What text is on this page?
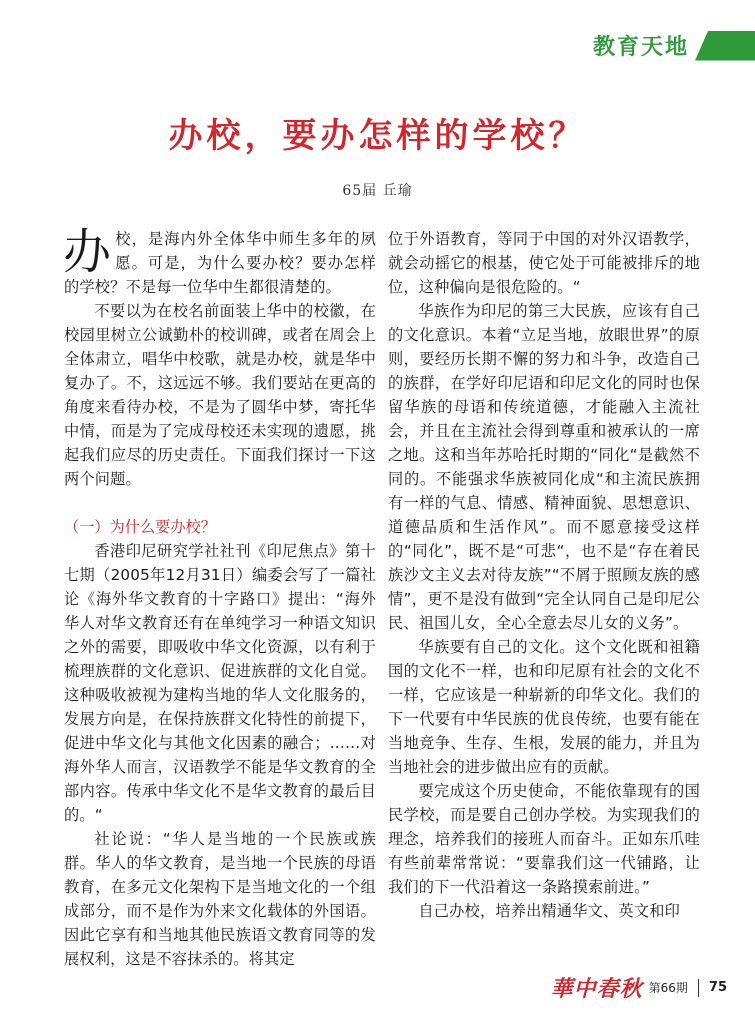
教育天地
办校，要办怎样的学校？
65届 丘瑜

办校，是海内外全体华中师生多年的夙愿。可是，为什么要办校？要办怎样的学校？不是每一位华中生都很清楚的。

不要以为在校名前面装上华中的校徽，在校园里树立公诚勤朴的校训碑，或者在周会上全体肃立，唱华中校歌，就是办校，就是华中复办了。不，这远远不够。我们要站在更高的角度来看待办校，不是为了圆华中梦，寄托华中情，而是为了完成母校还未实现的遗愿，挑起我们应尽的历史责任。下面我们探讨一下这两个问题。

（一）为什么要办校？

香港印尼研究学社社刊《印尼焦点》第十七期（2005年12月31日）编委会写了一篇社论《海外华文教育的十字路口》提出：“海外华人对华文教育还有在单纯学习一种语文知识之外的需要，即吸收中华文化资源，以有利于梳理族群的文化意识、促进族群的文化自觉。这种吸收被视为建构当地的华人文化服务的，发展方向是，在保持族群文化特性的前提下，促进中华文化与其他文化因素的融合；……对海外华人而言，汉语教学不能是华文教育的全部内容。传承中华文化不是华文教育的最后目的。“

社论说：“华人是当地的一个民族或族群。华人的华文教育，是当地一个民族的母语教育，在多元文化架构下是当地文化的一个组成部分，而不是作为外来文化载体的外国语。因此它享有和当地其他民族语文教育同等的发展权利，这是不容抹杀的。将其定

位于外语教育，等同于中国的对外汉语教学，就会动摇它的根基，使它处于可能被排斥的地位，这种偏向是很危险的。“

华族作为印尼的第三大民族，应该有自己的文化意识。本着“立足当地，放眼世界”的原则，要经历长期不懈的努力和斗争，改造自己的族群，在学好印尼语和印尼文化的同时也保留华族的母语和传统道德，才能融入主流社会，并且在主流社会得到尊重和被承认的一席之地。这和当年苏哈托时期的“同化“是截然不同的。不能强求华族被同化成“和主流民族拥有一样的气息、情感、精神面貌、思想意识、道德品质和生活作风”。而不愿意接受这样的“同化”，既不是“可悲“，也不是“存在着民族沙文主义去对待友族”“不屑于照顾友族的感情”，更不是没有做到“完全认同自己是印尼公民、祖国儿女，全心全意去尽儿女的义务”。

华族要有自己的文化。这个文化既和祖籍国的文化不一样，也和印尼原有社会的文化不一样，它应该是一种崭新的印华文化。我们的下一代要有中华民族的优良传统，也要有能在当地竞争、生存、生根，发展的能力，并且为当地社会的进步做出应有的贡献。

要完成这个历史使命，不能依靠现有的国民学校，而是要自己创办学校。为实现我们的理念，培养我们的接班人而奋斗。正如东爪哇有些前辈常常说：“要靠我们这一代铺路，让我们的下一代沿着这一条路摸索前进。”

自己办校，培养出精通华文、英文和印

華中春秋 第66期 75
